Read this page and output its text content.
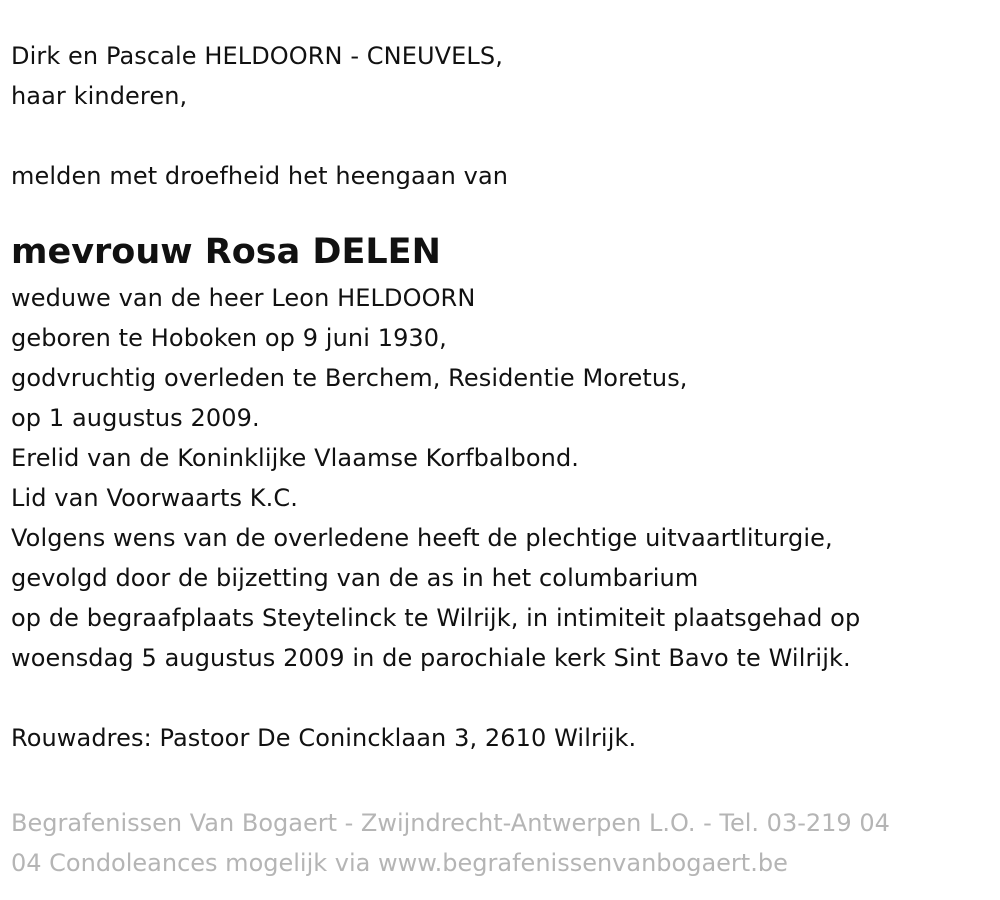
Dirk en Pascale HELDOORN - CNEUVELS,
haar kinderen,
melden met droefheid het heengaan van
mevrouw Rosa DELEN
weduwe van de heer Leon HELDOORN
geboren te Hoboken op 9 juni 1930,
godvruchtig overleden te Berchem, Residentie Moretus,
op 1 augustus 2009.
Erelid van de Koninklijke Vlaamse Korfbalbond.
Lid van Voorwaarts K.C.
Volgens wens van de overledene heeft de plechtige uitvaartliturgie,
gevolgd door de bijzetting van de as in het columbarium
op de begraafplaats Steytelinck te Wilrijk, in intimiteit plaatsgehad op
woensdag 5 augustus 2009 in de parochiale kerk Sint Bavo te Wilrijk.
Rouwadres: Pastoor De Conincklaan 3, 2610 Wilrijk.
Begrafenissen Van Bogaert - Zwijndrecht-Antwerpen L.O. - Tel. 03-219 04
04 Condoleances mogelijk via www.begrafenissenvanbogaert.be
